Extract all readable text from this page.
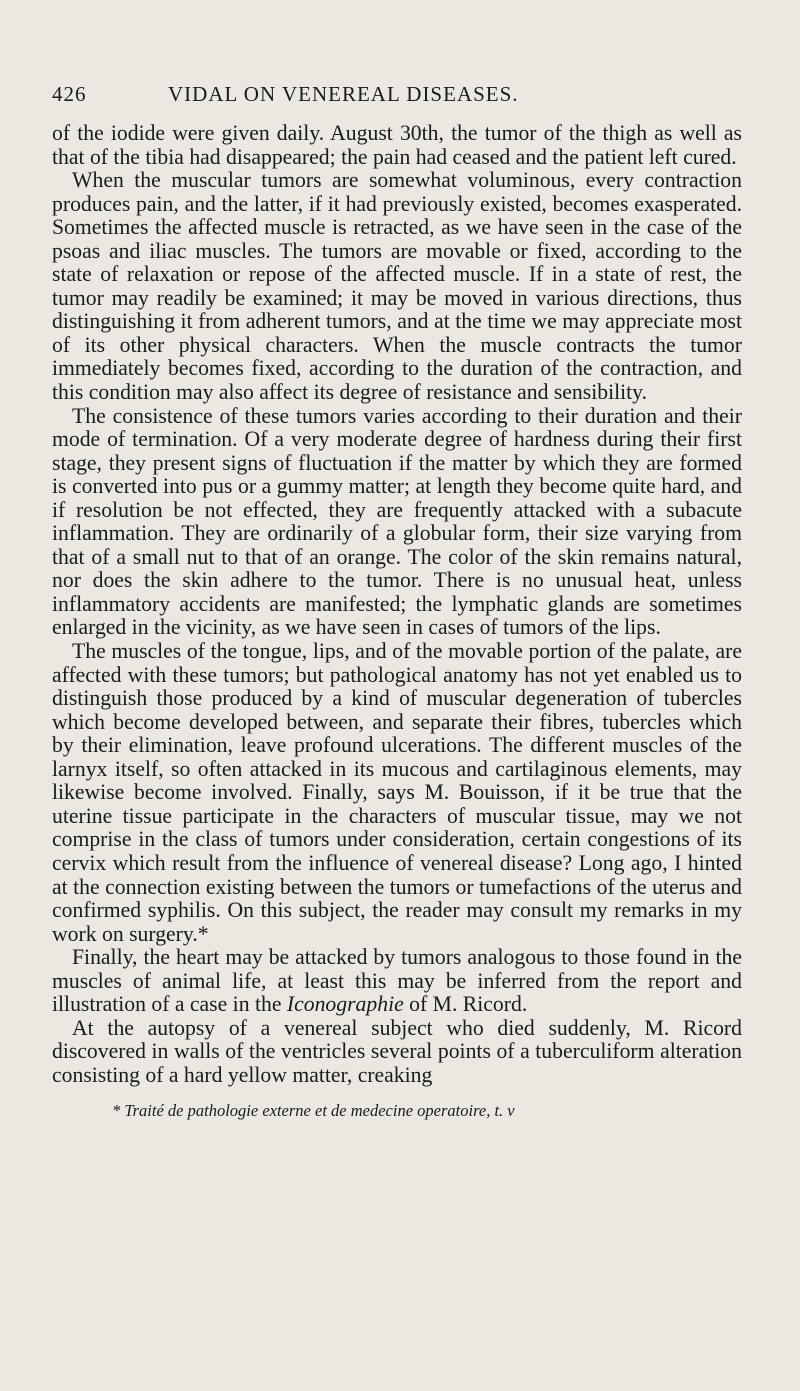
426	VIDAL ON VENEREAL DISEASES.

of the iodide were given daily. August 30th, the tumor of the thigh as well as that of the tibia had disappeared; the pain had ceased and the patient left cured.

When the muscular tumors are somewhat voluminous, every contraction produces pain, and the latter, if it had previously existed, becomes exasperated. Sometimes the affected muscle is retracted, as we have seen in the case of the psoas and iliac muscles. The tumors are movable or fixed, according to the state of relaxation or repose of the affected muscle. If in a state of rest, the tumor may readily be examined; it may be moved in various directions, thus distinguishing it from adherent tumors, and at the time we may appreciate most of its other physical characters. When the muscle contracts the tumor immediately becomes fixed, according to the duration of the contraction, and this condition may also affect its degree of resistance and sensibility.

The consistence of these tumors varies according to their duration and their mode of termination. Of a very moderate degree of hardness during their first stage, they present signs of fluctuation if the matter by which they are formed is converted into pus or a gummy matter; at length they become quite hard, and if resolution be not effected, they are frequently attacked with a subacute inflammation. They are ordinarily of a globular form, their size varying from that of a small nut to that of an orange. The color of the skin remains natural, nor does the skin adhere to the tumor. There is no unusual heat, unless inflammatory accidents are manifested; the lymphatic glands are sometimes enlarged in the vicinity, as we have seen in cases of tumors of the lips.

The muscles of the tongue, lips, and of the movable portion of the palate, are affected with these tumors; but pathological anatomy has not yet enabled us to distinguish those produced by a kind of muscular degeneration of tubercles which become developed between, and separate their fibres, tubercles which by their elimination, leave profound ulcerations. The different muscles of the larnyx itself, so often attacked in its mucous and cartilaginous elements, may likewise become involved. Finally, says M. Bouisson, if it be true that the uterine tissue participate in the characters of muscular tissue, may we not comprise in the class of tumors under consideration, certain congestions of its cervix which result from the influence of venereal disease? Long ago, I hinted at the connection existing between the tumors or tumefactions of the uterus and confirmed syphilis. On this subject, the reader may consult my remarks in my work on surgery.*

Finally, the heart may be attacked by tumors analogous to those found in the muscles of animal life, at least this may be inferred from the report and illustration of a case in the Iconographie of M. Ricord.

At the autopsy of a venereal subject who died suddenly, M. Ricord discovered in walls of the ventricles several points of a tuberculiform alteration consisting of a hard yellow matter, creaking

* Traité de pathologie externe et de medecine operatoire, t. v
